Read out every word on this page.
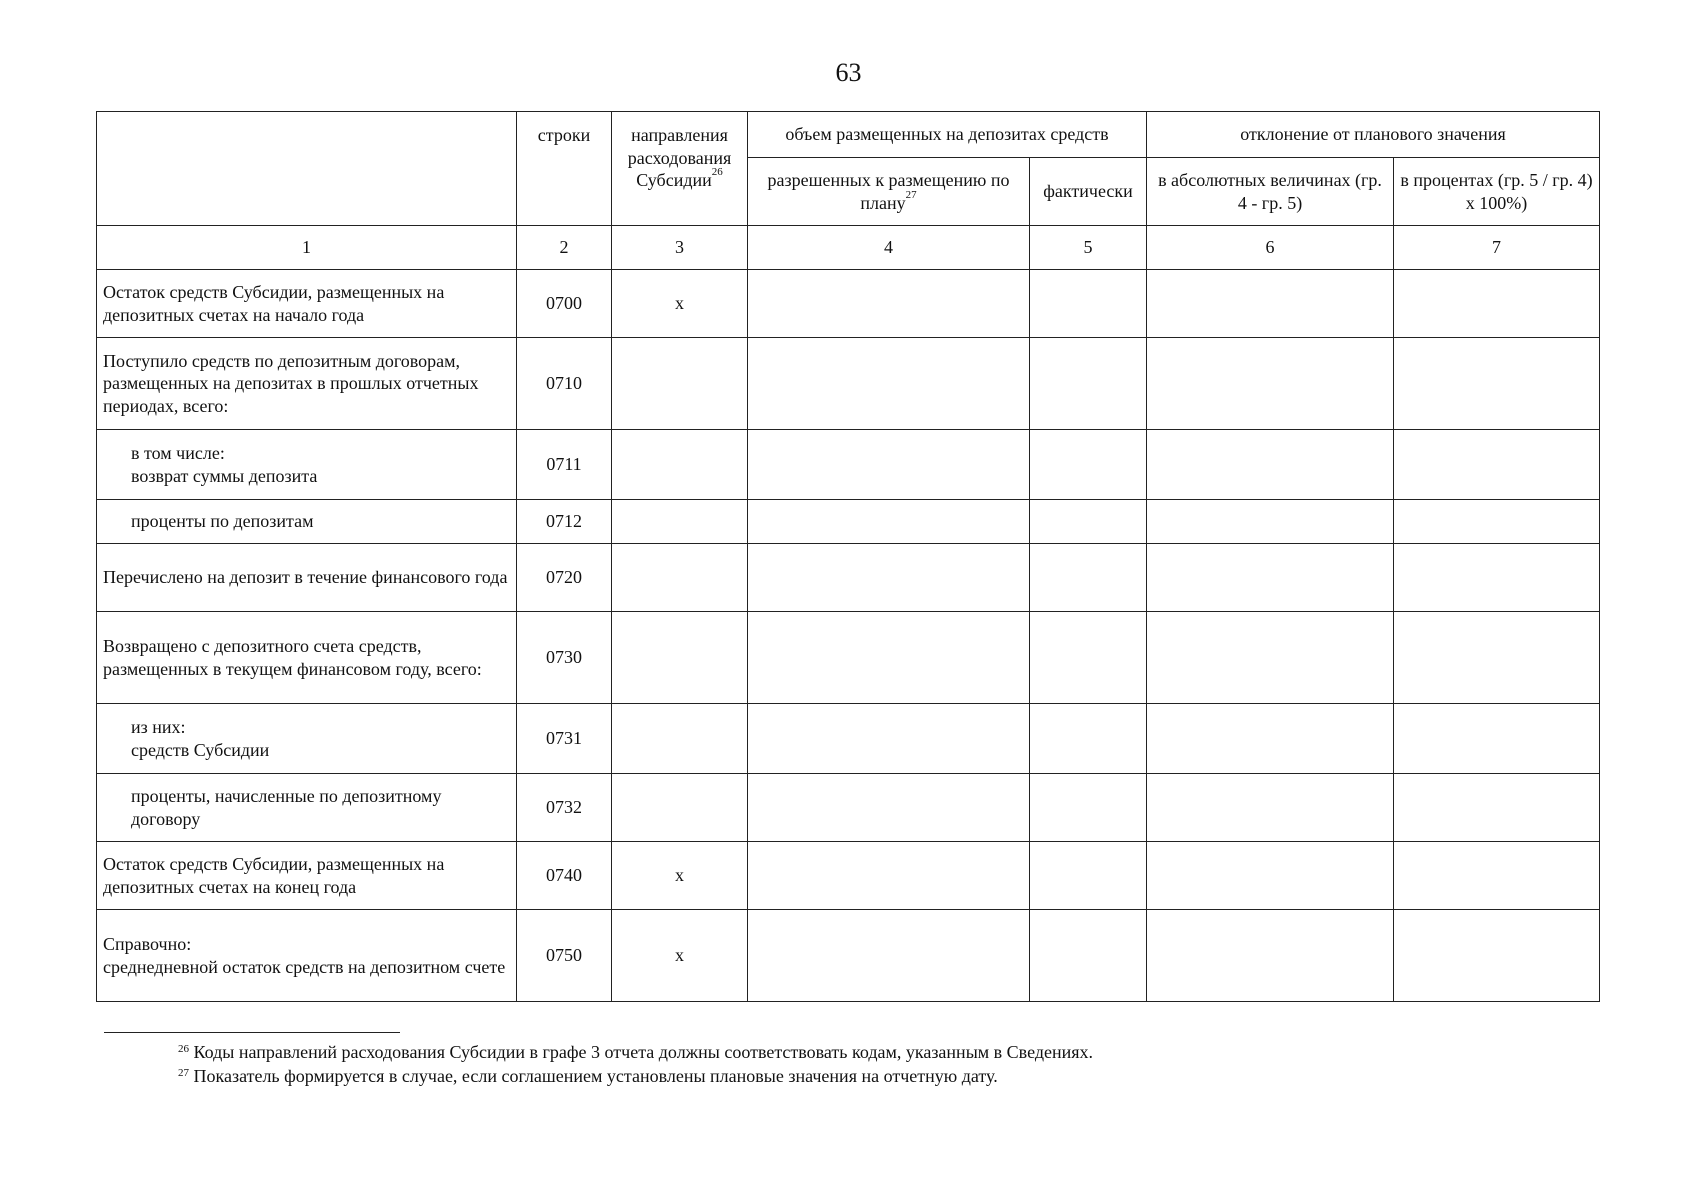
63
	строки	направления расходования Субсидии$^{26}$	объем размещенных на депозитах средств		отклонение от планового значения	
			разрешенных к размещению по плану$^{27}$	фактически	в абсолютных величинах (гр. 4 - гр. 5)	в процентах (гр. 5 / гр. 4) x 100%)
1	2	3	4	5	6	7
Остаток средств Субсидии, размещенных на депозитных счетах на начало года	0700	x				
Поступило средств по депозитным договорам, размещенных на депозитах в прошлых отчетных периодах, всего:	0710					

в том числе:
возврат суммы депозита	0711					
проценты по депозитам	0712					
Перечислено на депозит в течение финансового года	0720					
Возвращено с депозитного счета средств, размещенных в текущем финансовом году, всего:	0730					

из них:
средств Субсидии	0731					
проценты, начисленные по депозитному договору	0732					
Остаток средств Субсидии, размещенных на депозитных счетах на конец года	0740	x				

Справочно:
среднедневной остаток средств на депозитном счете	0750	x				
$^{26}$ Коды направлений расходования Субсидии в графе 3 отчета должны соответствовать кодам, указанным в Сведениях.
$^{27}$ Показатель формируется в случае, если соглашением установлены плановые значения на отчетную дату.
